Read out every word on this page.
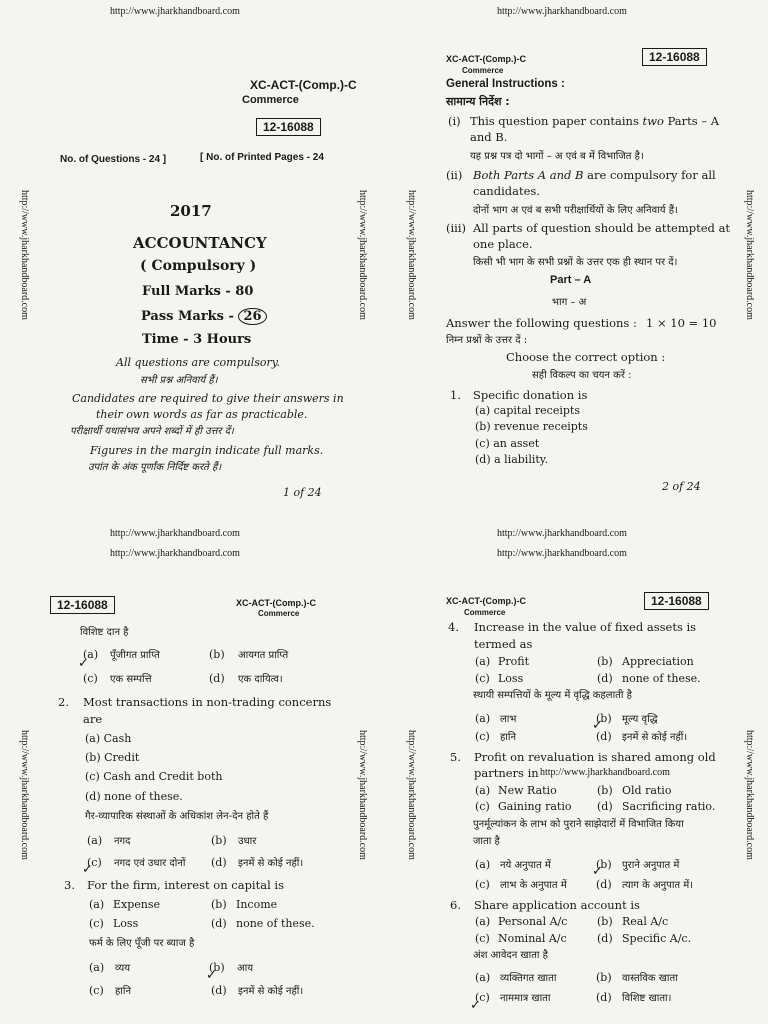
http://www.jharkhandboard.com	http://www.jharkhandboard.com
http://www.jharkhandboard.com	http://www.jharkhandboard.com
http://www.jharkhandboard.com	http://www.jharkhandboard.com
http://www.jharkhandboard.com	http://www.jharkhandboard.com	http://www.jharkhandboard.com	http://www.jharkhandboard.com
http://www.jharkhandboard.com	http://www.jharkhandboard.com	http://www.jharkhandboard.com	http://www.jharkhandboard.com
XC-ACT-(Comp.)-C
Commerce
12-16088
No. of Questions - 24 ]	[ No. of Printed Pages - 24
2017
ACCOUNTANCY
( Compulsory )
Full Marks - 80
Pass Marks - 26
Time - 3 Hours
All questions are compulsory.
सभी प्रश्न अनिवार्य हैं।
Candidates are required to give their answers in
their own words as far as practicable.
परीक्षार्थी यथासंभव अपने शब्दों में ही उत्तर दें।
Figures in the margin indicate full marks.
उपांत के अंक पूर्णांक निर्दिष्ट करते हैं।
1 of 24
XC-ACT-(Comp.)-C
Commerce
12-16088
General Instructions :
सामान्य निर्देश :
(i) This question paper contains two Parts – A
and B.
यह प्रश्न पत्र दो भागों – अ एवं ब में विभाजित है।
(ii) Both Parts A and B are compulsory for all
candidates.
दोनों भाग अ एवं ब सभी परीक्षार्थियों के लिए अनिवार्य हैं।
(iii) All parts of question should be attempted at
one place.
किसी भी भाग के सभी प्रश्नों के उत्तर एक ही स्थान पर दें।
Part – A
भाग – अ
Answer the following questions : 1 × 10 = 10
निम्न प्रश्नों के उत्तर दें :
Choose the correct option :
सही विकल्प का चयन करें :
1. Specific donation is
(a) capital receipts
(b) revenue receipts
(c) an asset
(d) a liability.
2 of 24
12-16088	XC-ACT-(Comp.)-C
Commerce
विशिष्ट दान है
(a) पूँजीगत प्राप्ति	(b) आयगत प्राप्ति
(c) एक सम्पत्ति	(d) एक दायित्व।
✓
2. Most transactions in non-trading concerns
are
(a) Cash
(b) Credit
(c) Cash and Credit both
(d) none of these.
गैर-व्यापारिक संस्थाओं के अधिकांश लेन-देन होते हैं
(a) नगद	(b) उधार
(c) नगद एवं उधार दोनों (d) इनमें से कोई नहीं।
✓
3. For the firm, interest on capital is
(a) Expense	(b) Income
(c) Loss	(d) none of these.
फर्म के लिए पूँजी पर ब्याज है
(a) व्यय	(b) आय
(c) हानि	(d) इनमें से कोई नहीं।
✓
XC-ACT-(Comp.)-C
Commerce
12-16088
4. Increase in the value of fixed assets is
termed as
(a) Profit	(b) Appreciation
(c) Loss	(d) none of these.
स्थायी सम्पत्तियों के मूल्य में वृद्धि कहलाती है
(a) लाभ	(b) मूल्य वृद्धि
(c) हानि	(d) इनमें से कोई नहीं।
✓
5. Profit on revaluation is shared among old
partners in http://www.jharkhandboard.com
(a) New Ratio	(b) Old ratio
(c) Gaining ratio (d) Sacrificing ratio.
पुनर्मूल्यांकन के लाभ को पुराने साझेदारों में विभाजित किया
जाता है
(a) नये अनुपात में	(b) पुराने अनुपात में
(c) लाभ के अनुपात में	(d) त्याग के अनुपात में।
✓
6. Share application account is
(a) Personal A/c	(b) Real A/c
(c) Nominal A/c	(d) Specific A/c.
अंश आवेदन खाता है
(a) व्यक्तिगत खाता	(b) वास्तविक खाता
(c) नाममात्र खाता	(d) विशिष्ट खाता।
✓
